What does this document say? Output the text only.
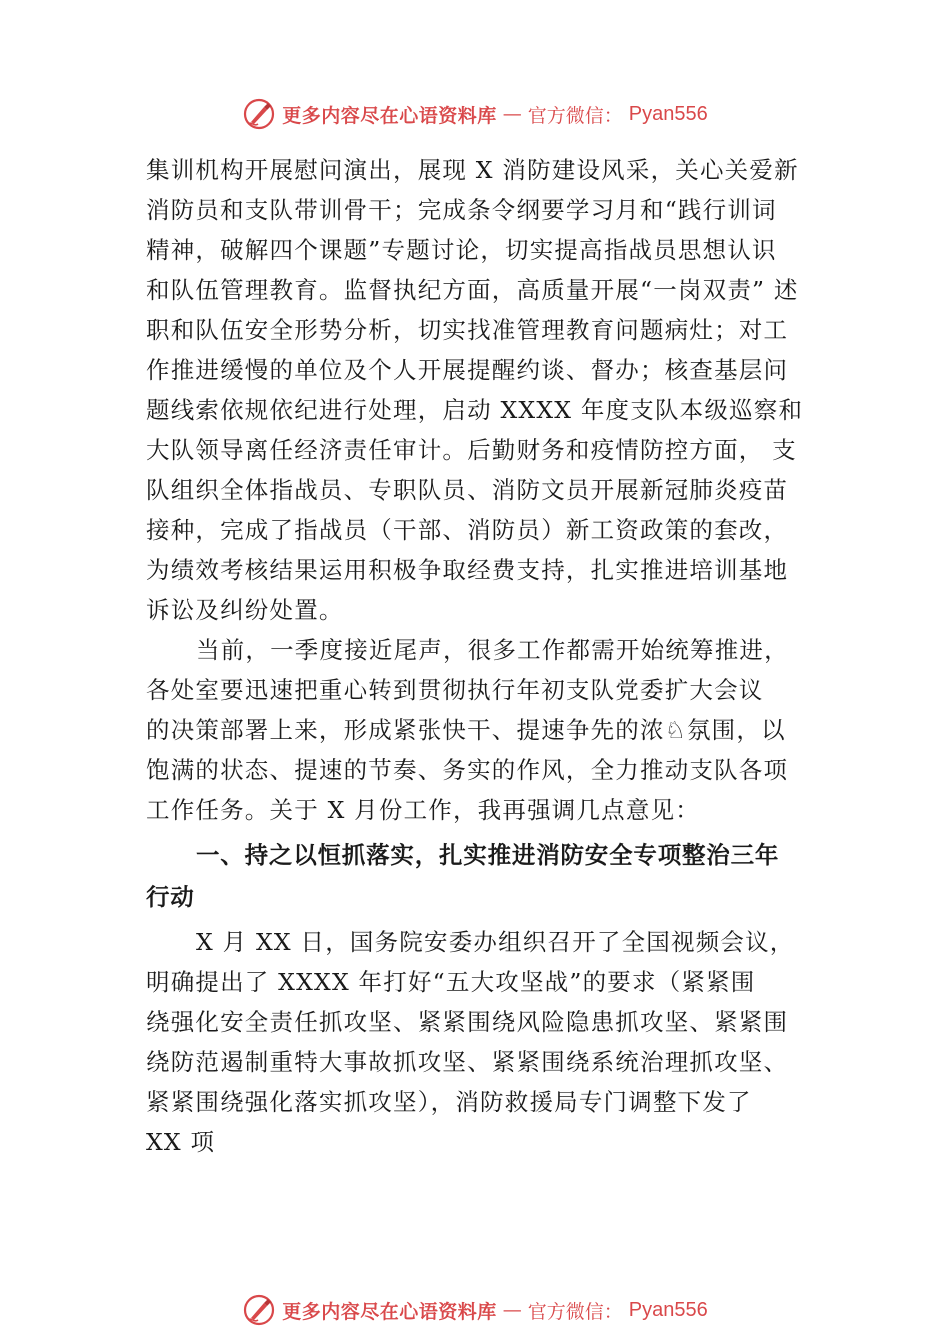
更多内容尽在心语资料库 — 官方微信： Pyan556
集训机构开展慰问演出，展现 X 消防建设风采，关心关爱新
消防员和支队带训骨干；完成条令纲要学习月和“践行训词
精神，破解四个课题”专题讨论，切实提高指战员思想认识
和队伍管理教育。监督执纪方面，高质量开展“一岗双责” 述
职和队伍安全形势分析，切实找准管理教育问题病灶；对工
作推进缓慢的单位及个人开展提醒约谈、督办；核查基层问
题线索依规依纪进行处理，启动 XXXX 年度支队本级巡察和
大队领导离任经济责任审计。后勤财务和疫情防控方面， 支
队组织全体指战员、专职队员、消防文员开展新冠肺炎疫苗
接种，完成了指战员（干部、消防员）新工资政策的套改，
为绩效考核结果运用积极争取经费支持，扎实推进培训基地
诉讼及纠纷处置。
当前，一季度接近尾声，很多工作都需开始统筹推进，
各处室要迅速把重心转到贯彻执行年初支队党委扩大会议
的决策部署上来，形成紧张快干、提速争先的浓♘氛围，以
饱满的状态、提速的节奏、务实的作风，全力推动支队各项
工作任务。关于 X 月份工作，我再强调几点意见：
一、持之以恒抓落实，扎实推进消防安全专项整治三年
行动
X 月 XX 日，国务院安委办组织召开了全国视频会议，
明确提出了 XXXX 年打好“五大攻坚战”的要求（紧紧围
绕强化安全责任抓攻坚、紧紧围绕风险隐患抓攻坚、紧紧围
绕防范遏制重特大事故抓攻坚、紧紧围绕系统治理抓攻坚、
紧紧围绕强化落实抓攻坚），消防救援局专门调整下发了
XX 项
更多内容尽在心语资料库 — 官方微信： Pyan556
